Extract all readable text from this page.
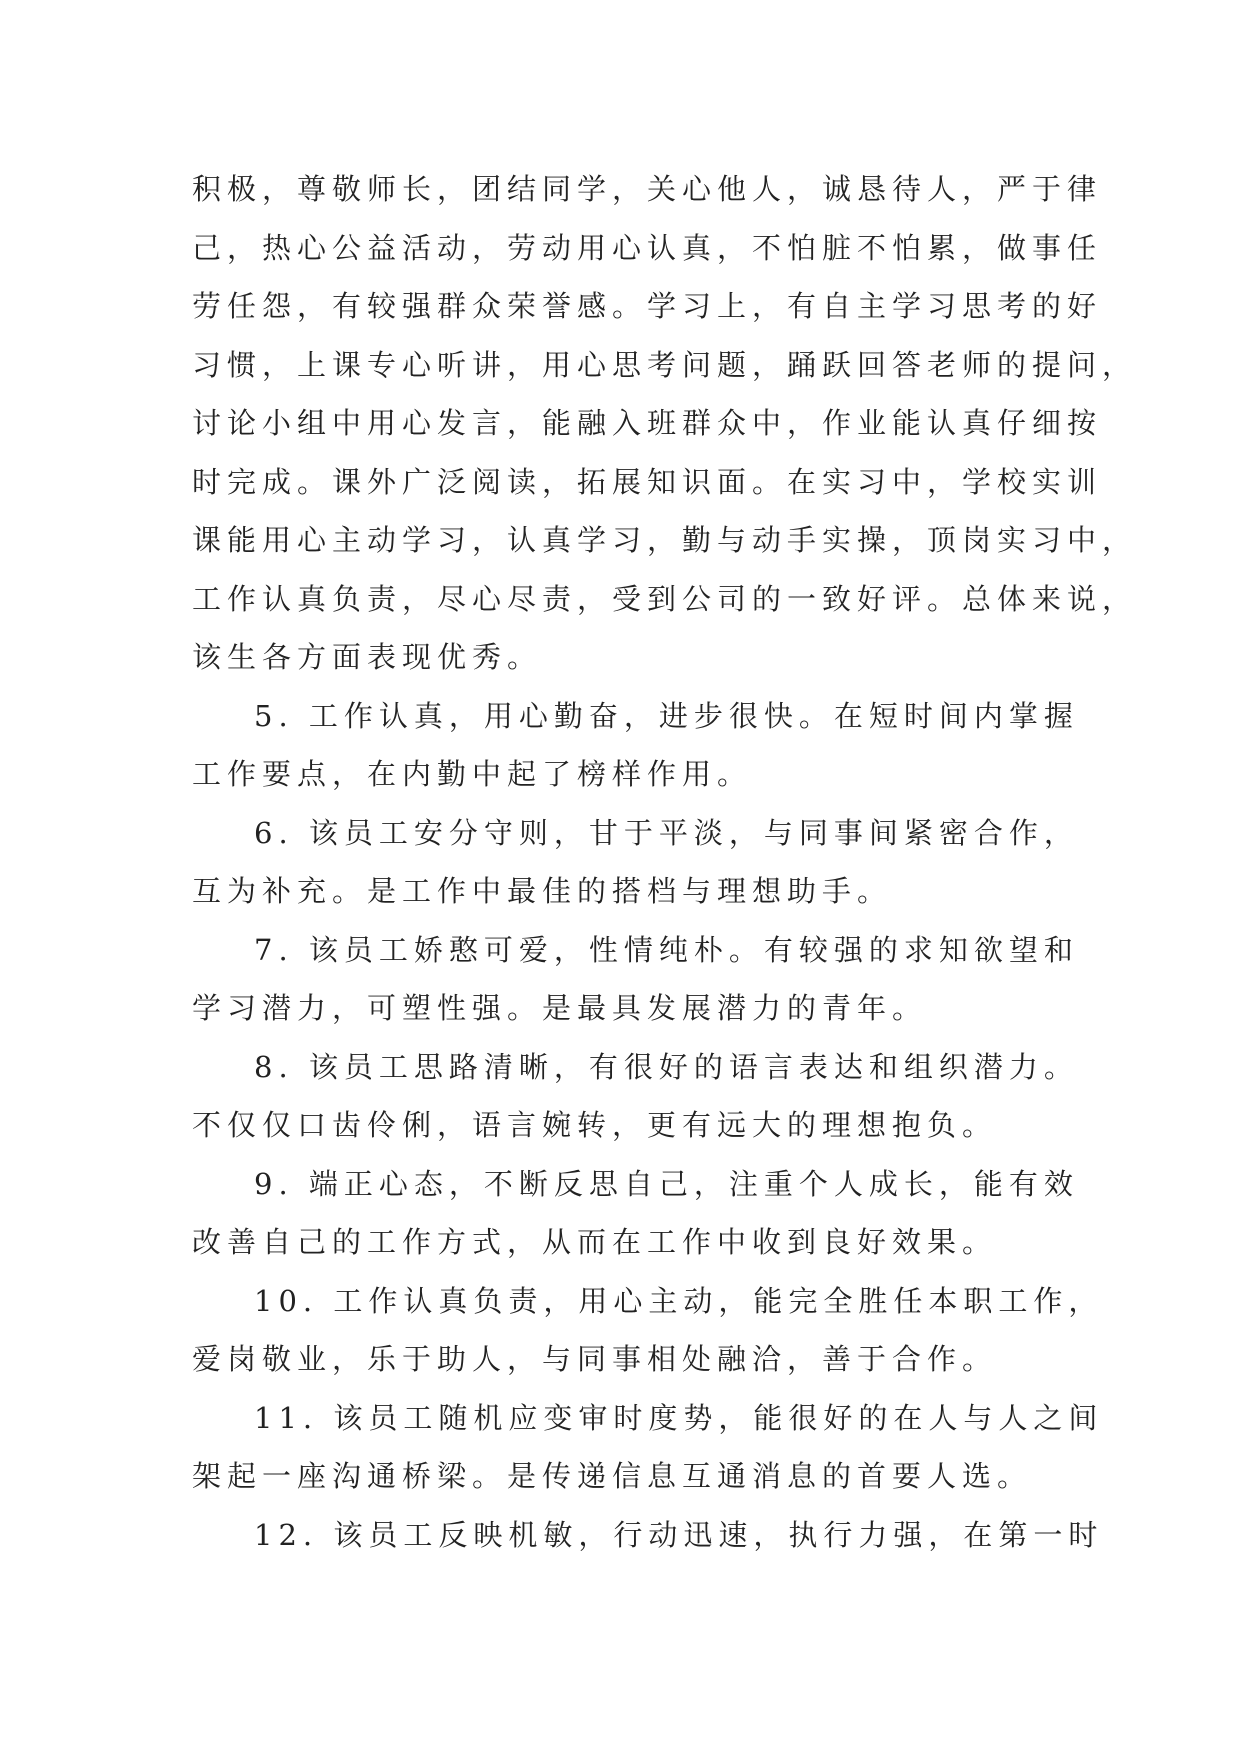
积极，尊敬师长，团结同学，关心他人，诚恳待人，严于律
己，热心公益活动，劳动用心认真，不怕脏不怕累，做事任
劳任怨，有较强群众荣誉感。学习上，有自主学习思考的好
习惯，上课专心听讲，用心思考问题，踊跃回答老师的提问，
讨论小组中用心发言，能融入班群众中，作业能认真仔细按
时完成。课外广泛阅读，拓展知识面。在实习中，学校实训
课能用心主动学习，认真学习，勤与动手实操，顶岗实习中，
工作认真负责，尽心尽责，受到公司的一致好评。总体来说，
该生各方面表现优秀。
5. 工作认真，用心勤奋，进步很快。在短时间内掌握
工作要点，在内勤中起了榜样作用。
6. 该员工安分守则，甘于平淡，与同事间紧密合作，
互为补充。是工作中最佳的搭档与理想助手。
7. 该员工娇憨可爱，性情纯朴。有较强的求知欲望和
学习潜力，可塑性强。是最具发展潜力的青年。
8. 该员工思路清晰，有很好的语言表达和组织潜力。
不仅仅口齿伶俐，语言婉转，更有远大的理想抱负。
9. 端正心态，不断反思自己，注重个人成长，能有效
改善自己的工作方式，从而在工作中收到良好效果。
10. 工作认真负责，用心主动，能完全胜任本职工作，
爱岗敬业，乐于助人，与同事相处融洽，善于合作。
11. 该员工随机应变审时度势，能很好的在人与人之间
架起一座沟通桥梁。是传递信息互通消息的首要人选。
12. 该员工反映机敏，行动迅速，执行力强，在第一时
